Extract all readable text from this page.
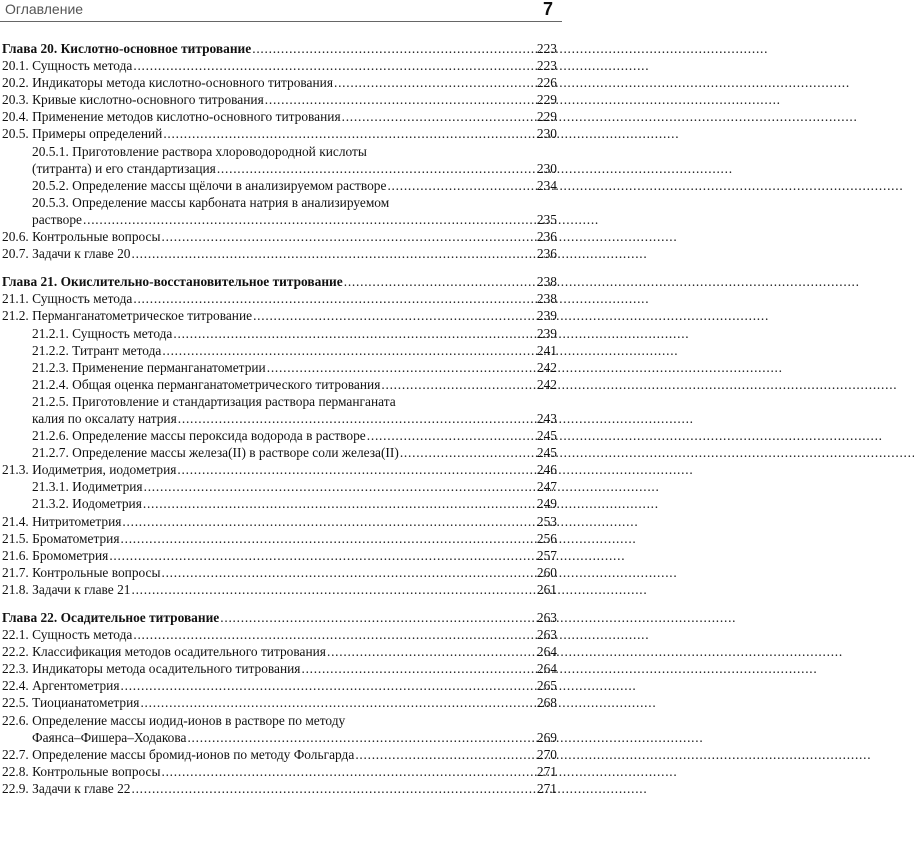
Оглавление	7
Глава 20. Кислотно-основное титрование . . .	223
20.1. Сущность метода . . .	223
20.2. Индикаторы метода кислотно-основного титрования . . .	226
20.3. Кривые кислотно-основного титрования . . .	229
20.4. Применение методов кислотно-основного титрования . . .	229
20.5. Примеры определений . . .	230
20.5.1. Приготовление раствора хлороводородной кислоты
(титранта) и его стандартизация . . .	230
20.5.2. Определение массы щёлочи в анализируемом растворе . . .	234
20.5.3. Определение массы карбоната натрия в анализируемом
растворе . . .	235
20.6. Контрольные вопросы . . .	236
20.7. Задачи к главе 20 . . .	236
Глава 21. Окислительно-восстановительное титрование . . .	238
21.1. Сущность метода . . .	238
21.2. Перманганатометрическое титрование . . .	239
21.2.1. Сущность метода . . .	239
21.2.2. Титрант метода . . .	241
21.2.3. Применение перманганатометрии . . .	242
21.2.4. Общая оценка перманганатометрического титрования . . .	242
21.2.5. Приготовление и стандартизация раствора перманганата
калия по оксалату натрия . . .	243
21.2.6. Определение массы пероксида водорода в растворе . . .	245
21.2.7. Определение массы железа(II) в растворе соли железа(II) . . .	245
21.3. Иодиметрия, иодометрия . . .	246
21.3.1. Иодиметрия . . .	247
21.3.2. Иодометрия . . .	249
21.4. Нитритометрия . . .	253
21.5. Броматометрия . . .	256
21.6. Бромометрия . . .	257
21.7. Контрольные вопросы . . .	260
21.8. Задачи к главе 21 . . .	261
Глава 22. Осадительное титрование . . .	263
22.1. Сущность метода . . .	263
22.2. Классификация методов осадительного титрования . . .	264
22.3. Индикаторы метода осадительного титрования . . .	264
22.4. Аргентометрия . . .	265
22.5. Тиоцианатометрия . . .	268
22.6. Определение массы иодид-ионов в растворе по методу
Фаянса–Фишера–Ходакова . . .	269
22.7. Определение массы бромид-ионов по методу Фольгарда . . .	270
22.8. Контрольные вопросы . . .	271
22.9. Задачи к главе 22 . . .	271
